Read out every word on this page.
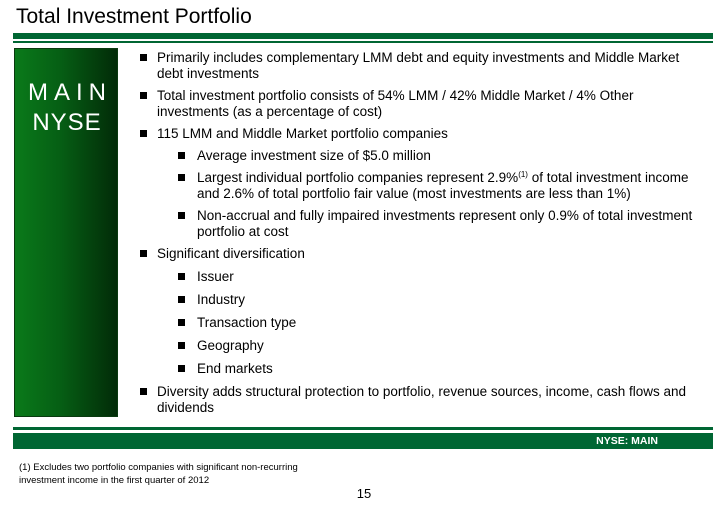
Total Investment Portfolio
MAIN
NYSE
Primarily includes complementary LMM debt and equity investments and Middle Market debt investments
Total investment portfolio consists of 54% LMM / 42% Middle Market / 4% Other investments (as a percentage of cost)
115 LMM and Middle Market portfolio companies
Average investment size of $5.0 million
Largest individual portfolio companies represent 2.9%$^{(1)}$ of total investment income and 2.6% of total portfolio fair value (most investments are less than 1%)
Non-accrual and fully impaired investments represent only 0.9% of total investment portfolio at cost
Significant diversification
Issuer
Industry
Transaction type
Geography
End markets
Diversity adds structural protection to portfolio, revenue sources, income, cash flows and dividends
NYSE: MAIN
(1) Excludes two portfolio companies with significant non-recurring investment income in the first quarter of 2012
15
